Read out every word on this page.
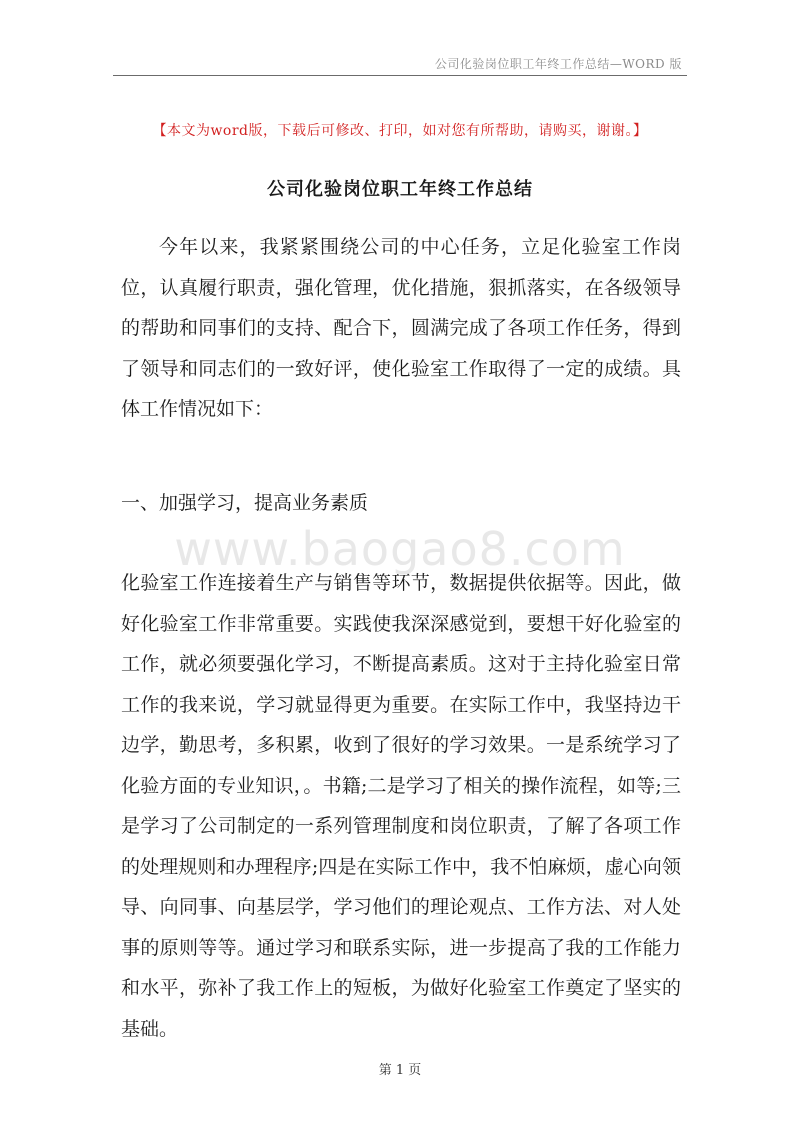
公司化验岗位职工年终工作总结—WORD 版
【本文为word版，下载后可修改、打印，如对您有所帮助，请购买，谢谢。】
公司化验岗位职工年终工作总结
今年以来，我紧紧围绕公司的中心任务，立足化验室工作岗位，认真履行职责，强化管理，优化措施，狠抓落实，在各级领导的帮助和同事们的支持、配合下，圆满完成了各项工作任务，得到了领导和同志们的一致好评，使化验室工作取得了一定的成绩。具体工作情况如下：
一、加强学习，提高业务素质
www.baogao8.com
化验室工作连接着生产与销售等环节，数据提供依据等。因此，做好化验室工作非常重要。实践使我深深感觉到，要想干好化验室的工作，就必须要强化学习，不断提高素质。这对于主持化验室日常工作的我来说，学习就显得更为重要。在实际工作中，我坚持边干边学，勤思考，多积累，收到了很好的学习效果。一是系统学习了化验方面的专业知识，。书籍;二是学习了相关的操作流程，如等;三是学习了公司制定的一系列管理制度和岗位职责，了解了各项工作的处理规则和办理程序;四是在实际工作中，我不怕麻烦，虚心向领导、向同事、向基层学，学习他们的理论观点、工作方法、对人处事的原则等等。通过学习和联系实际，进一步提高了我的工作能力和水平，弥补了我工作上的短板，为做好化验室工作奠定了坚实的基础。
第 1 页
